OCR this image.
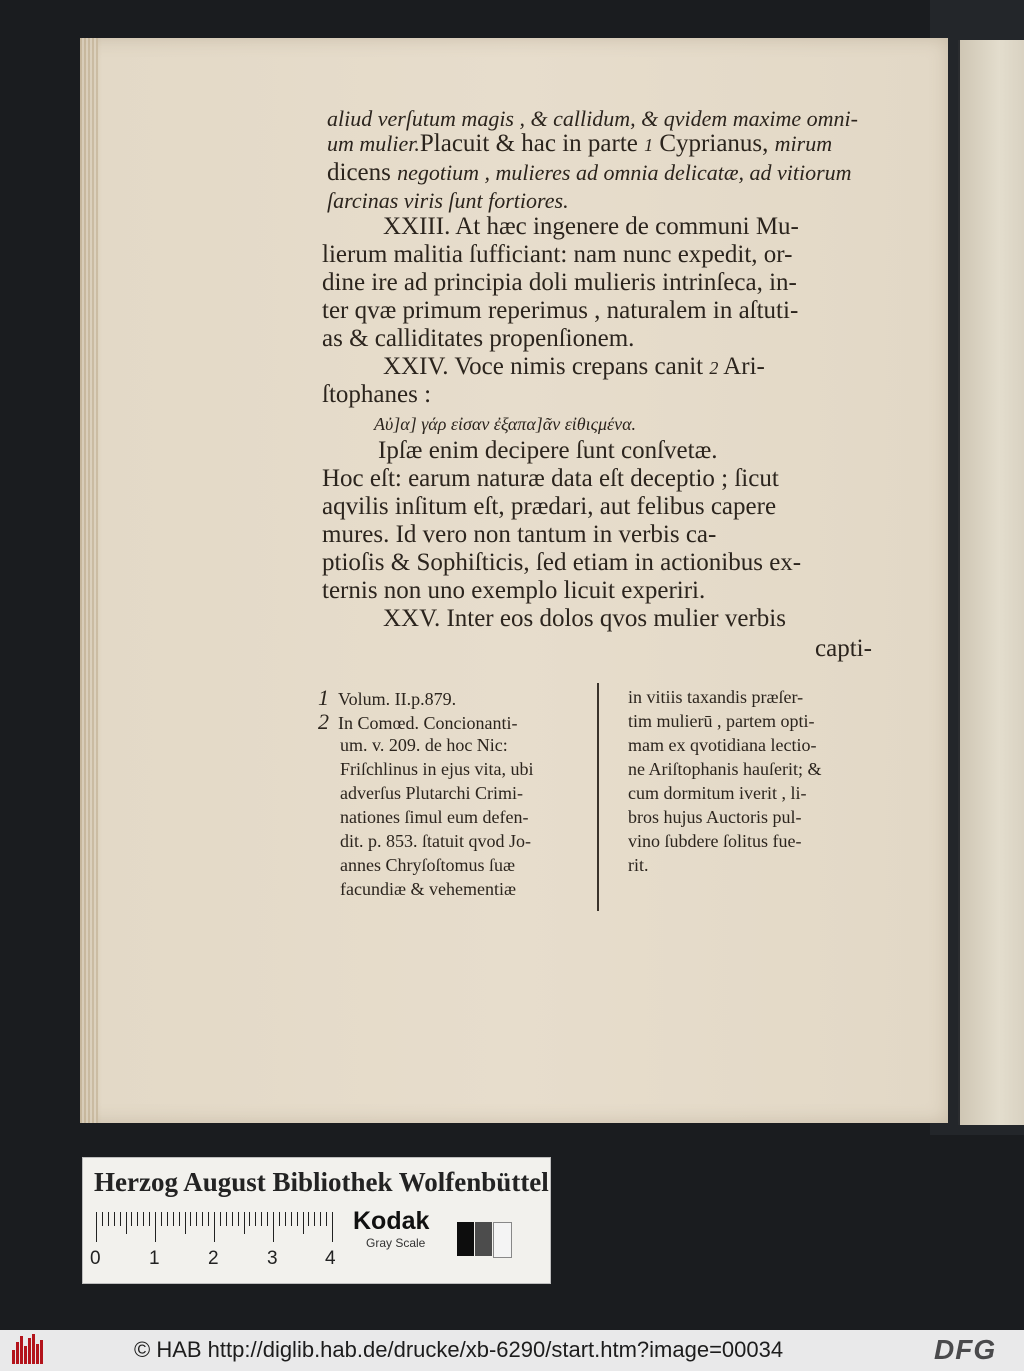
aliud verſutum magis , & callidum, & qvidem maxime omni-
um mulier.Placuit & hac in parte 1 Cyprianus, mirum
dicens negotium , mulieres ad omnia delicatæ, ad vitiorum
ſarcinas viris ſunt fortiores.
XXIII. At hæc ingenere de communi Mu-
lierum malitia ſufficiant: nam nunc expedit, or-
dine ire ad principia doli mulieris intrinſeca, in-
ter qvæ primum reperimus , naturalem in aſtuti-
as & calliditates propenſionem.
XXIV. Voce nimis crepans canit 2 Ari-
ſtophanes :
Αὐ]α] γάρ εἰσαν ἐξαπα]ᾶν εἰθιςμένα.
Ipſæ enim decipere ſunt conſvetæ.
Hoc eſt: earum naturæ data eſt deceptio ; ſicut
aqvilis inſitum eſt, prædari, aut felibus capere
mures. Id vero non tantum in verbis ca-
ptioſis & Sophiſticis, ſed etiam in actionibus ex-
ternis non uno exemplo licuit experiri.
XXV. Inter eos dolos qvos mulier verbis
capti-
1 Volum. II.p.879.
2 In Comœd. Concionanti-
um. v. 209. de hoc Nic:
Friſchlinus in ejus vita, ubi
adverſus Plutarchi Crimi-
nationes ſimul eum defen-
dit. p. 853. ſtatuit qvod Jo-
annes Chryſoſtomus ſuæ
facundiæ & vehementiæ
in vitiis taxandis præſer-
tim mulierū , partem opti-
mam ex qvotidiana lectio-
ne Ariſtophanis hauſerit; &
cum dormitum iverit , li-
bros hujus Auctoris pul-
vino ſubdere ſolitus fue-
rit.
Herzog August Bibliothek Wolfenbüttel
0	1	2	3 4
Kodak
Gray Scale
© HAB http://diglib.hab.de/drucke/xb-6290/start.htm?image=00034	DFG
